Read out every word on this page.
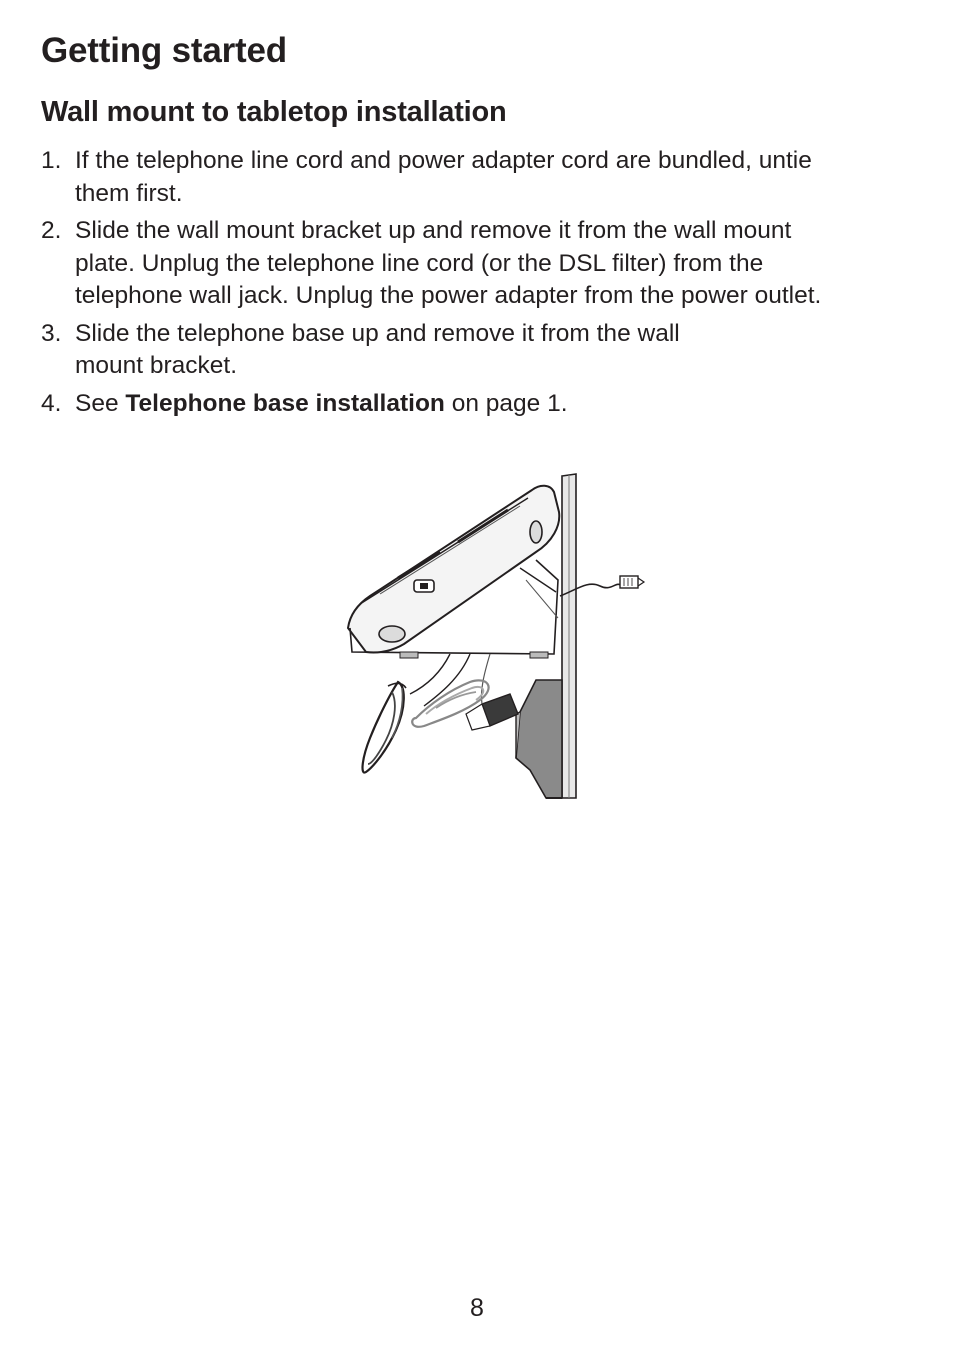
Getting started
Wall mount to tabletop installation
1. If the telephone line cord and power adapter cord are bundled, untie
them first.
2. Slide the wall mount bracket up and remove it from the wall mount
plate. Unplug the telephone line cord (or the DSL filter) from the
telephone wall jack. Unplug the power adapter from the power outlet.
3. Slide the telephone base up and remove it from the wall
mount bracket.
4. See Telephone base installation on page 1.
8
